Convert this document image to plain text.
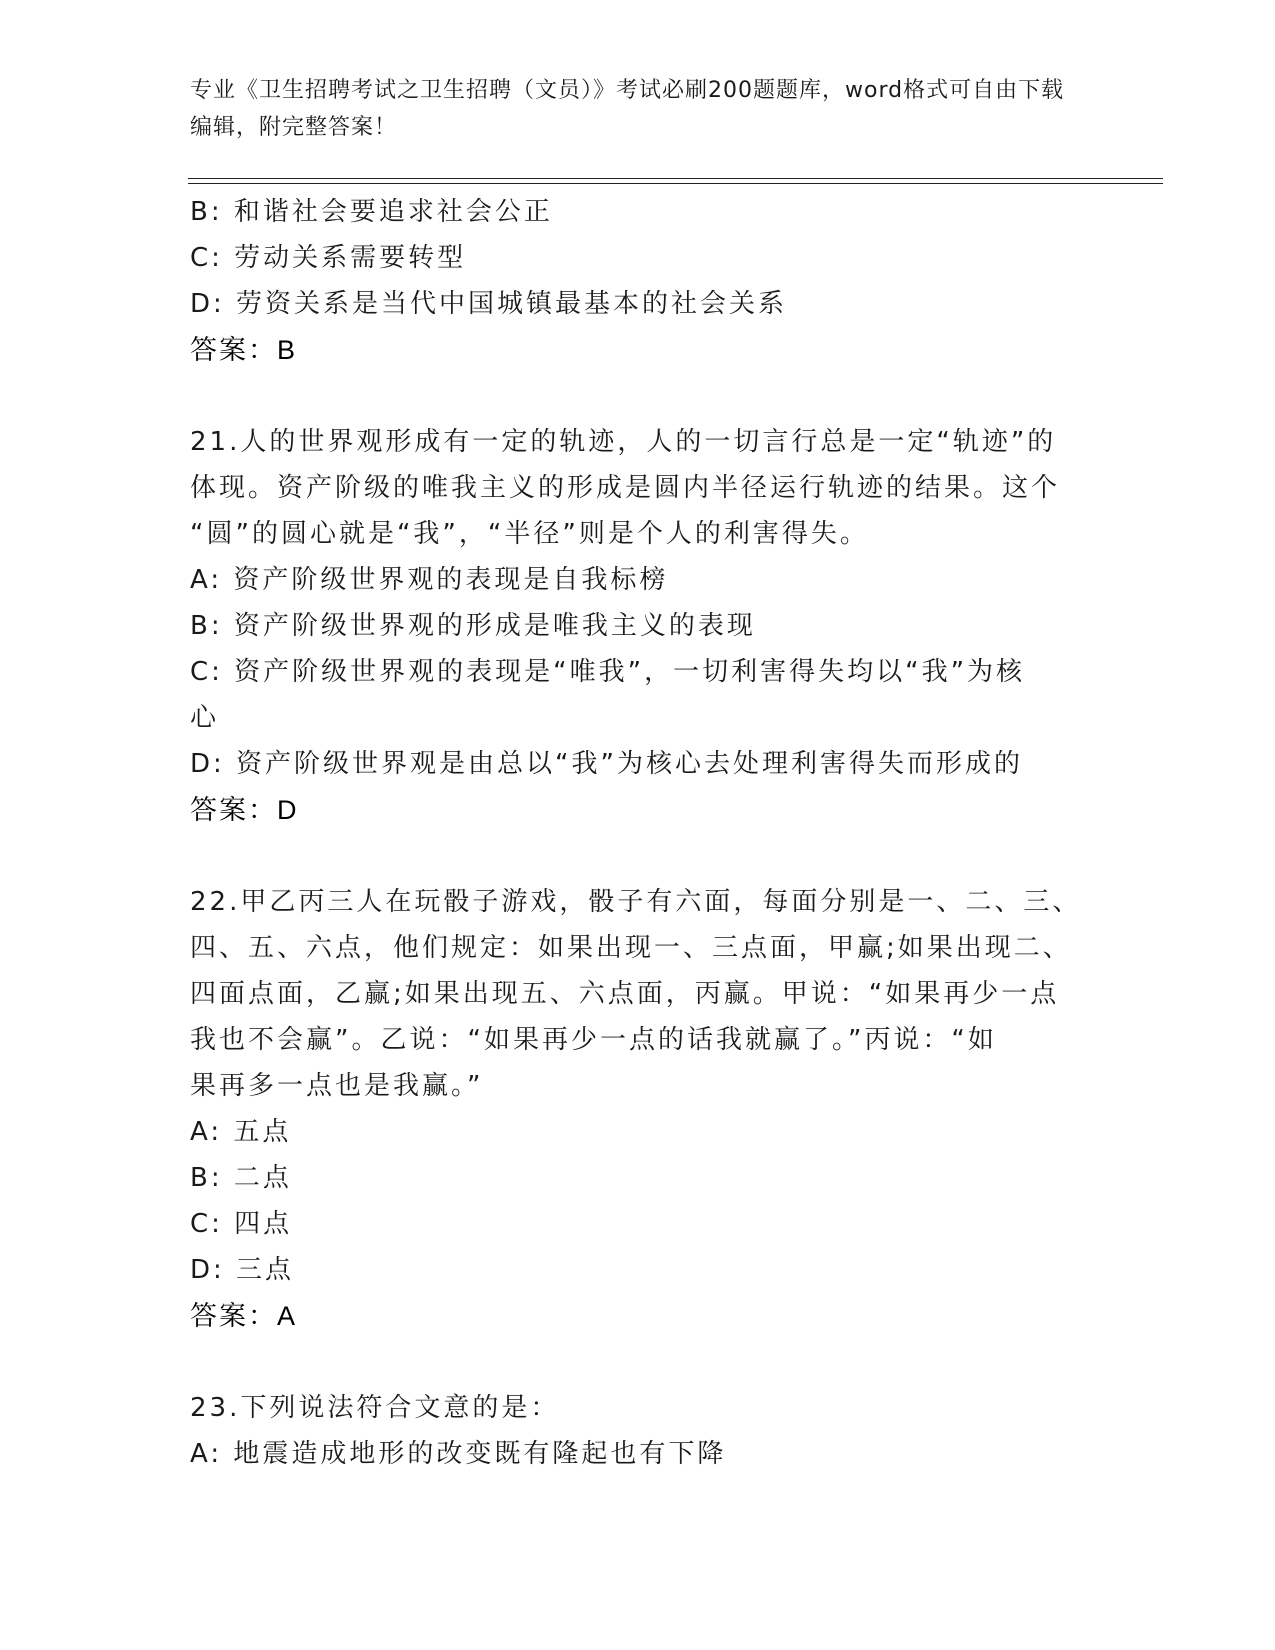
专业《卫生招聘考试之卫生招聘（文员）》考试必刷200题题库，word格式可自由下载编辑，附完整答案！
B: 和谐社会要追求社会公正
C: 劳动关系需要转型
D: 劳资关系是当代中国城镇最基本的社会关系
答案：B
21.人的世界观形成有一定的轨迹，人的一切言行总是一定“轨迹”的
体现。资产阶级的唯我主义的形成是圆内半径运行轨迹的结果。这个
“圆”的圆心就是“我”，“半径”则是个人的利害得失。
A: 资产阶级世界观的表现是自我标榜
B: 资产阶级世界观的形成是唯我主义的表现
C: 资产阶级世界观的表现是“唯我”，一切利害得失均以“我”为核
心
D: 资产阶级世界观是由总以“我”为核心去处理利害得失而形成的
答案：D
22.甲乙丙三人在玩骰子游戏，骰子有六面，每面分别是一、二、三、
四、五、六点，他们规定：如果出现一、三点面，甲赢;如果出现二、
四面点面，乙赢;如果出现五、六点面，丙赢。甲说：“如果再少一点
我也不会赢”。乙说：“如果再少一点的话我就赢了。”丙说：“如
果再多一点也是我赢。”
A: 五点
B: 二点
C: 四点
D: 三点
答案：A
23.下列说法符合文意的是：
A: 地震造成地形的改变既有隆起也有下降
